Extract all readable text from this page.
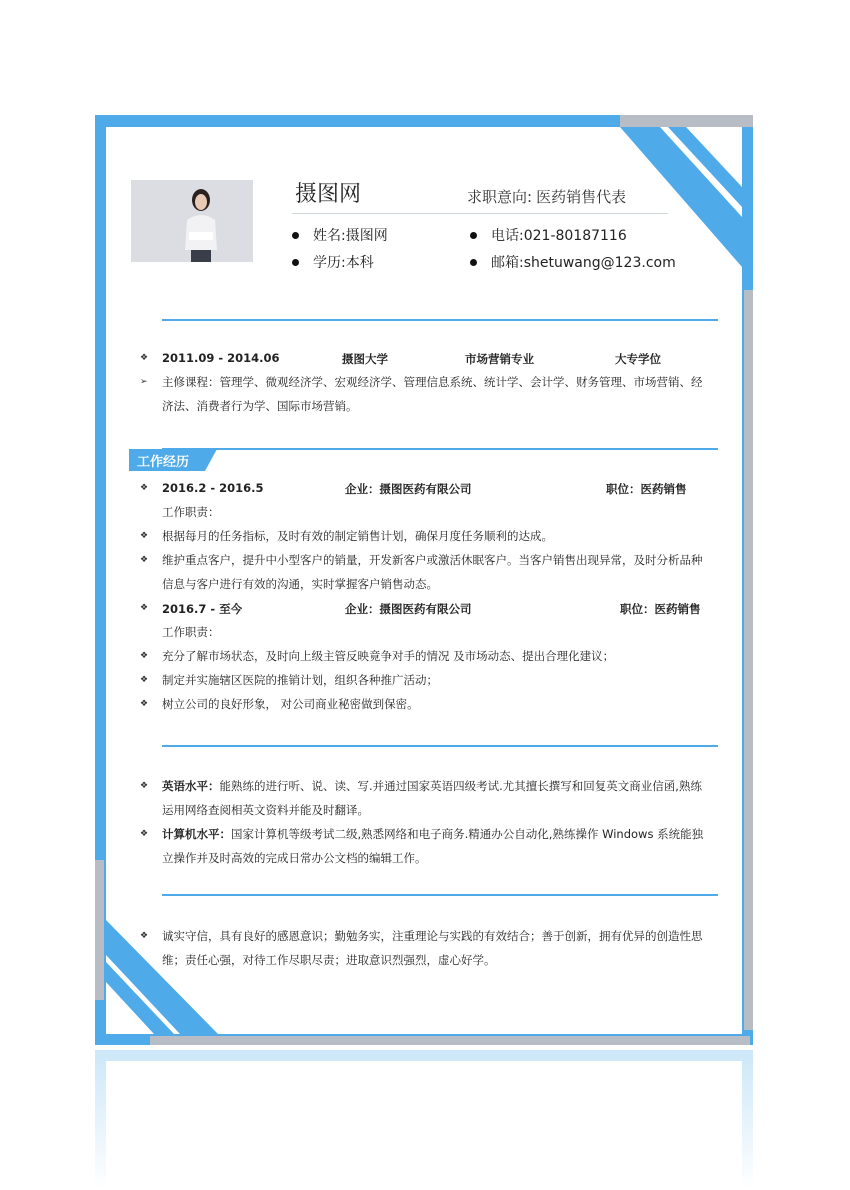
摄图网	求职意向: 医药销售代表
姓名:摄图网	电话:021-80187116
学历:本科	邮箱:shetuwang@123.com
❖ 2011.09 - 2014.06	摄图大学	市场营销专业	大专学位
➢ 主修课程：管理学、微观经济学、宏观经济学、管理信息系统、统计学、会计学、财务管理、市场营销、经济法、消费者行为学、国际市场营销。
工作经历
❖ 2016.2 - 2016.5	企业：摄图医药有限公司	职位：医药销售
工作职责：
❖ 根据每月的任务指标，及时有效的制定销售计划，确保月度任务顺利的达成。
❖ 维护重点客户，提升中小型客户的销量，开发新客户或激活休眠客户。当客户销售出现异常，及时分析品种信息与客户进行有效的沟通，实时掌握客户销售动态。
❖ 2016.7 - 至今	企业：摄图医药有限公司	职位：医药销售
工作职责：
❖ 充分了解市场状态，及时向上级主管反映竟争对手的情况 及市场动态、提出合理化建议；
❖ 制定并实施辖区医院的推销计划，组织各种推广活动；
❖ 树立公司的良好形象， 对公司商业秘密做到保密。
❖ 英语水平：能熟练的进行听、说、读、写.并通过国家英语四级考试.尤其擅长撰写和回复英文商业信函,熟练运用网络查阅相英文资料并能及时翻译。
❖ 计算机水平：国家计算机等级考试二级,熟悉网络和电子商务.精通办公自动化,熟练操作 Windows 系统能独立操作并及时高效的完成日常办公文档的编辑工作。
❖ 诚实守信，具有良好的感恩意识；勤勉务实，注重理论与实践的有效结合；善于创新，拥有优异的创造性思维；责任心强，对待工作尽职尽责；进取意识烈强烈，虚心好学。
